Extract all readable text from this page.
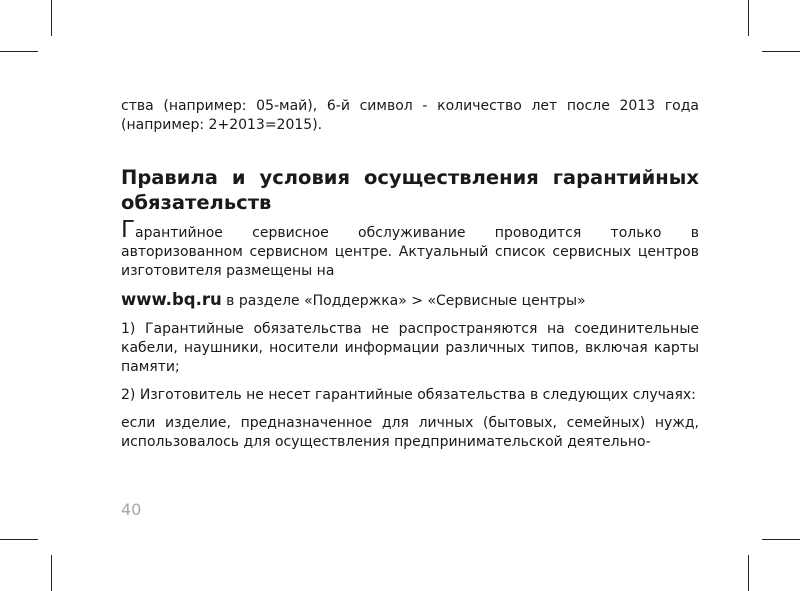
ства (например: 05-май), 6-й символ - количество лет после 2013 года (например: 2+2013=2015).

Правила и условия осуществления гарантийных обязательств

Гарантийное сервисное обслуживание проводится только в авторизованном сервисном центре. Актуальный список сервисных центров изготовителя размещены на

www.bq.ru в разделе «Поддержка» > «Сервисные центры»

1) Гарантийные обязательства не распространяются на соединительные кабели, наушники, носители информации различных типов, включая карты памяти;

2) Изготовитель не несет гарантийные обязательства в следующих случаях:

если изделие, предназначенное для личных (бытовых, семейных) нужд, использовалось для осуществления предпринимательской деятельно-

40
